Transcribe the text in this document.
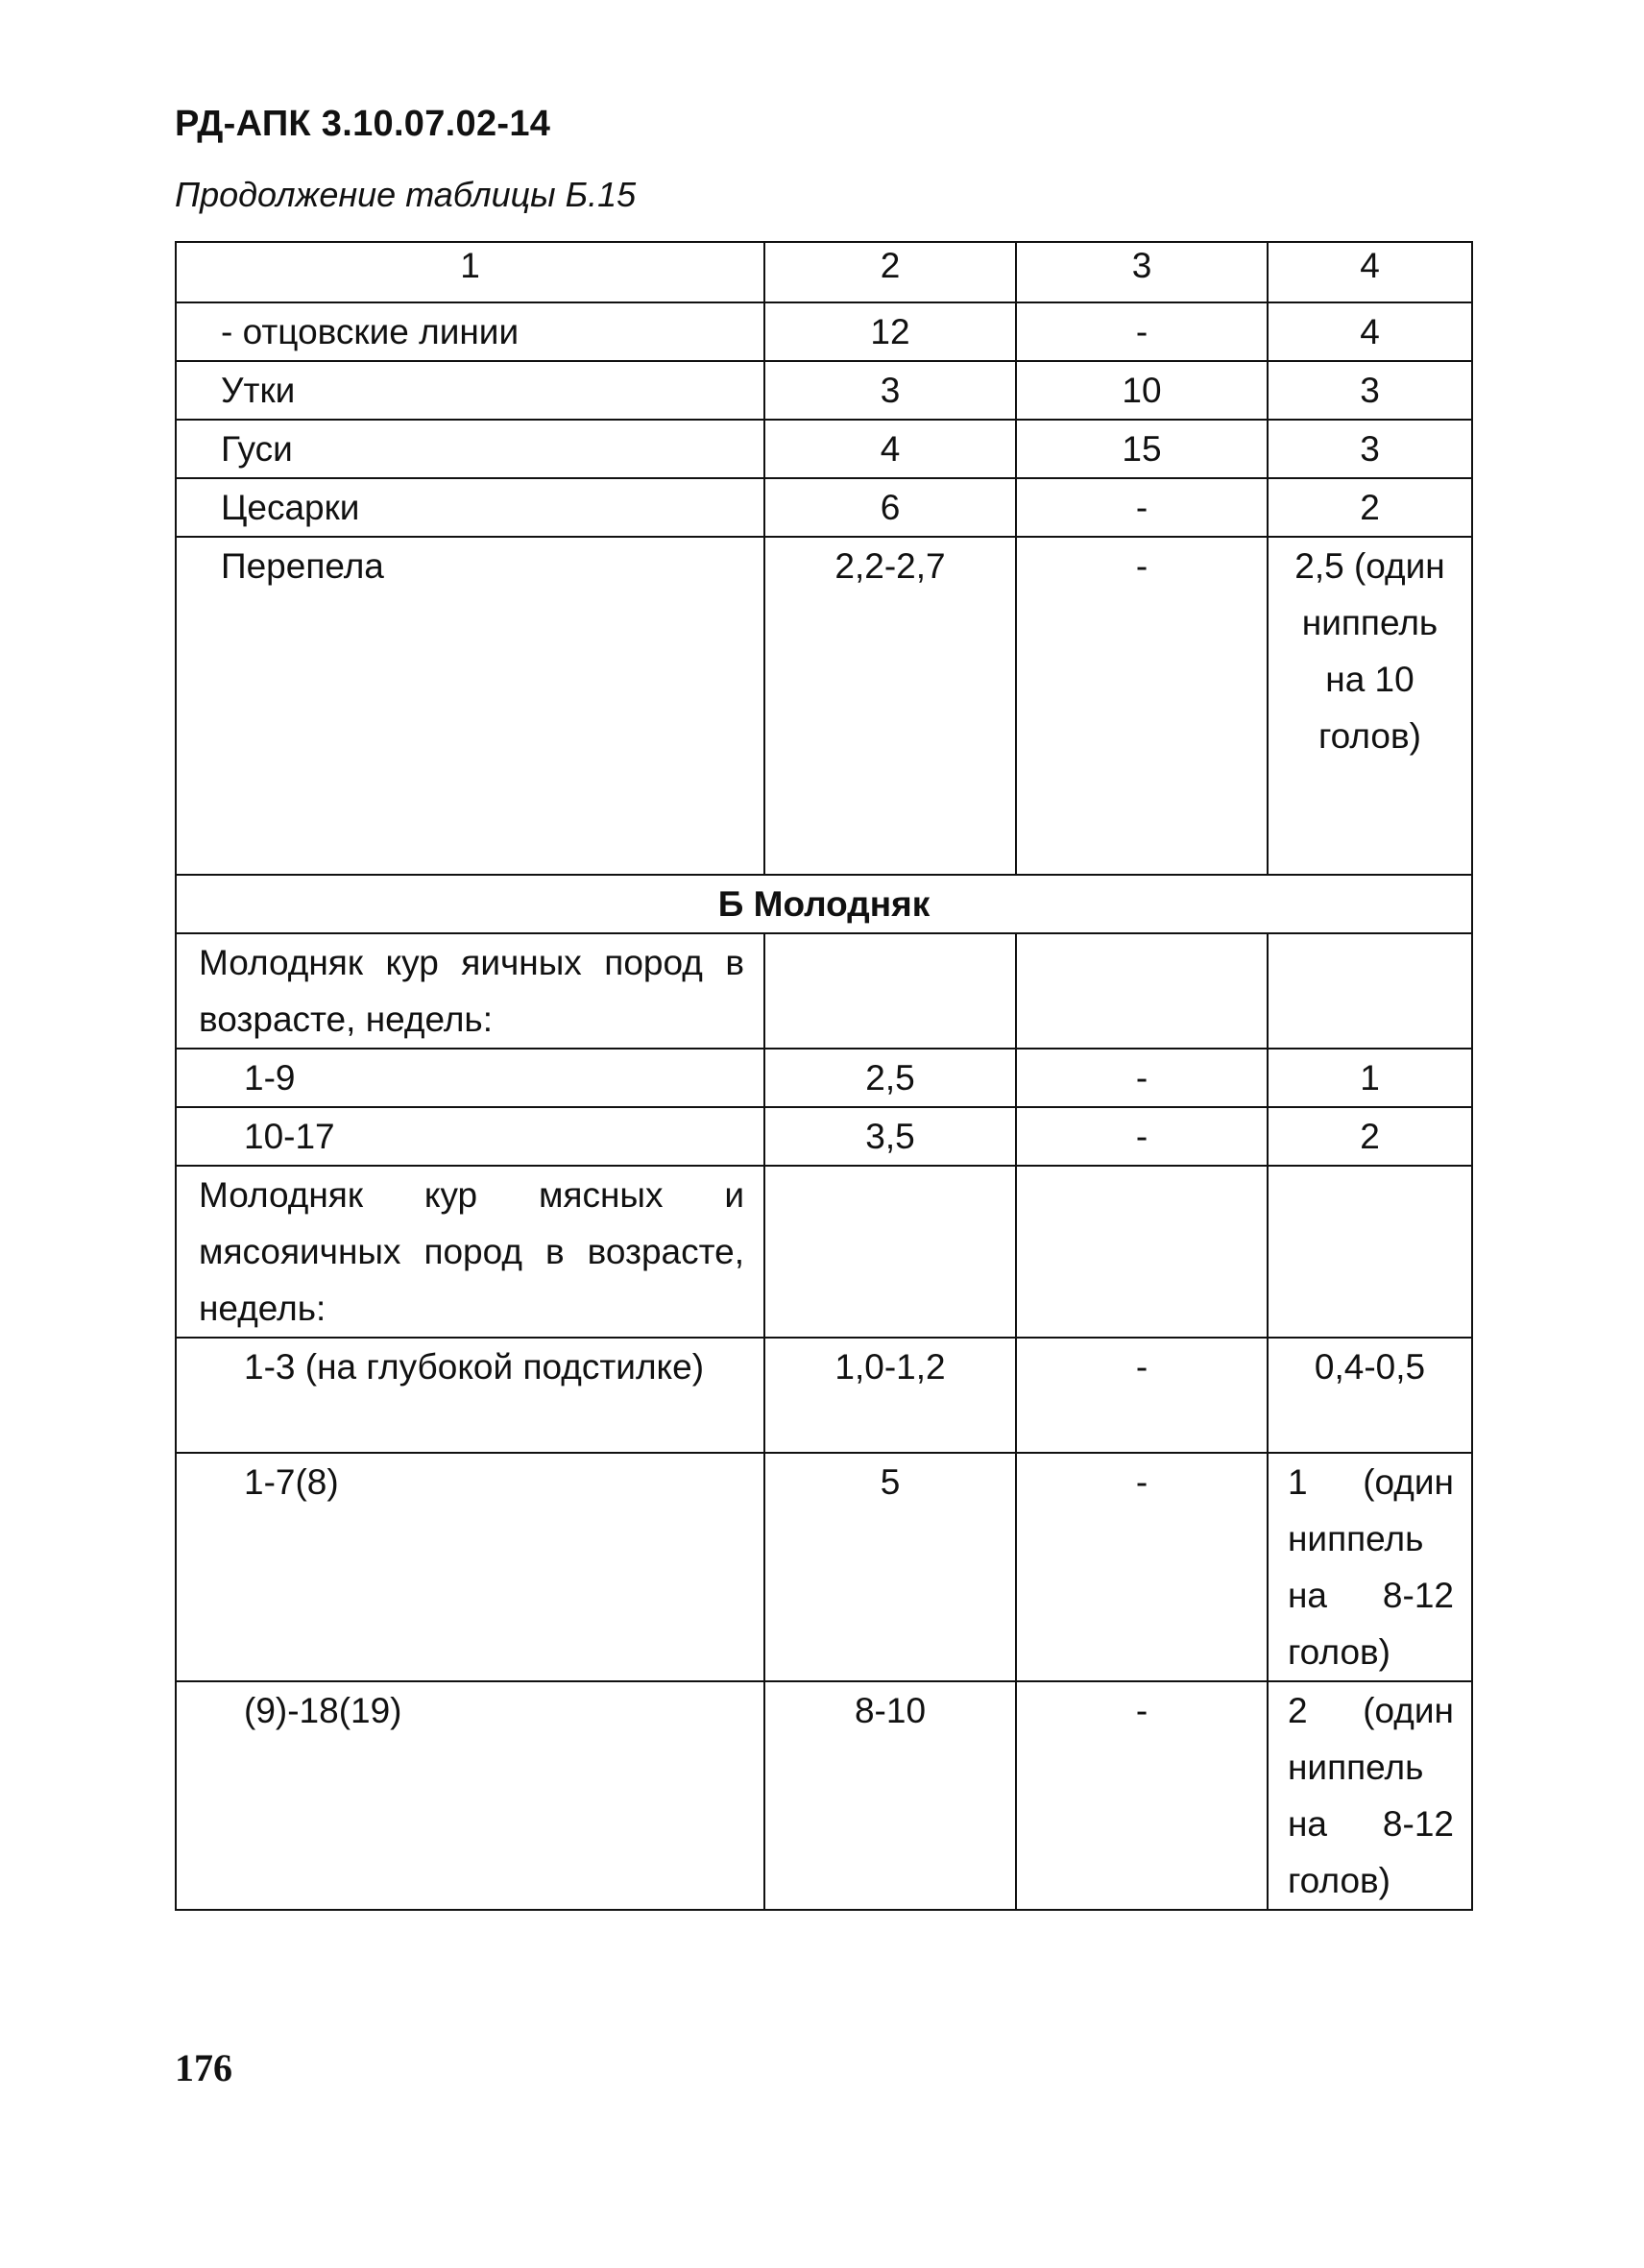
РД-АПК 3.10.07.02-14
Продолжение таблицы Б.15
1	2	3	4
- отцовские линии	12	-	4
Утки	3	10	3
Гуси	4	15	3
Цесарки	6	-	2
Перепела	2,2-2,7	-	2,5 (один ниппель на 10 голов)
Б Молодняк			
Молодняк кур яичных пород в возрасте, недель:			
1-9	2,5	-	1
10-17	3,5	-	2
Молодняк кур мясных и мясояичных пород в возрасте, недель:			
1-3 (на глубокой подстилке)	1,0-1,2	-	0,4-0,5
1-7(8)	5	-	1 (один ниппель на 8-12 голов)
(9)-18(19)	8-10	-	2 (один ниппель на 8-12 голов)
176
